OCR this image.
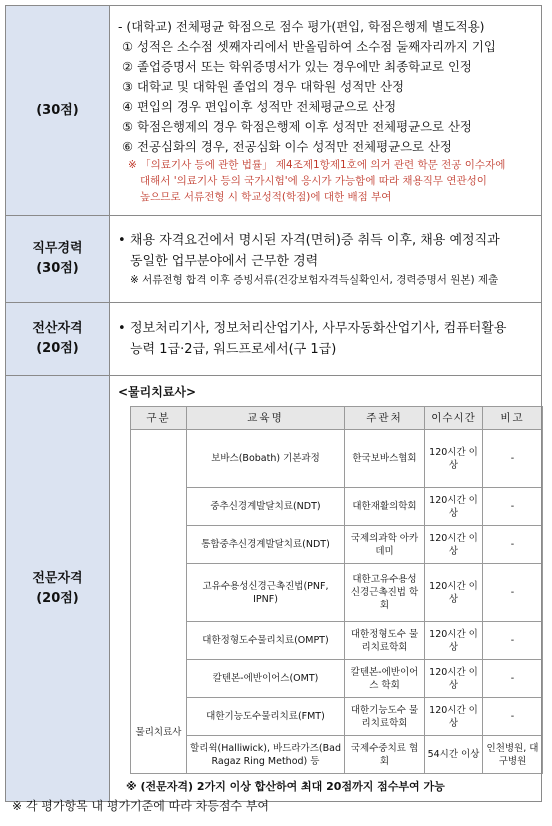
(30점)	
- (대학교) 전체평균 학점으로 점수 평가(편입, 학점은행제 별도적용)
① 성적은 소수점 셋째자리에서 반올림하여 소수점 둘째자리까지 기입
② 졸업증명서 또는 학위증명서가 있는 경우에만 최종학교로 인정
③ 대학교 및 대학원 졸업의 경우 대학원 성적만 산정
④ 편입의 경우 편입이후 성적만 전체평균으로 산정
⑤ 학점은행제의 경우 학점은행제 이후 성적만 전체평균으로 산정
⑥ 전공심화의 경우, 전공심화 이수 성적만 전체평균으로 산정
※ 「의료기사 등에 관한 법률」 제4조제1항제1호에 의거 관련 학문 전공 이수자에
대해서 '의료기사 등의 국가시험'에 응시가 가능함에 따라 채용직무 연관성이
높으므로 서류전형 시 학교성적(학점)에 대한 배점 부여

직무경력
(30점)

• 채용 자격요건에서 명시된 자격(면허)증 취득 이후, 채용 예정직과
동일한 업무분야에서 근무한 경력
※ 서류전형 합격 이후 증빙서류(건강보험자격득실확인서, 경력증명서 원본) 제출

전산자격
(20점)

• 정보처리기사, 정보처리산업기사, 사무자동화산업기사, 컴퓨터활용
능력 1급·2급, 워드프로세서(구 1급)

전문자격
(20점)

<물리치료사>
구분	교육명	주관처	이수시간	비고
물리치료사	보바스(Bobath) 기본과정	한국보바스협회	120시간 이상	-
중추신경계발달치료(NDT)	대한재활의학회	120시간 이상	-
통합중추신경계발달치료(NDT)	국제의과학 아카데미	120시간 이상	-
고유수용성신경근촉진법(PNF, IPNF)	대한고유수용성 신경근촉진법 학회	120시간 이상	-
대한정형도수물리치료(OMPT)	대한정형도수 물리치료학회	120시간 이상	-
칼텐본-에반이어스(OMT)	칼텐본-에반이어스 학회	120시간 이상	-
대한기능도수물리치료(FMT)	대한기능도수 물리치료학회	120시간 이상	-
할리윅(Halliwick), 바드라가즈(Bad Ragaz Ring Method) 등	국제수중치료 협회	54시간 이상	인천병원, 대구병원
※ (전문자격) 2가지 이상 합산하여 최대 20점까지 점수부여 가능
※ 각 평가항목 내 평가기준에 따라 차등점수 부여
